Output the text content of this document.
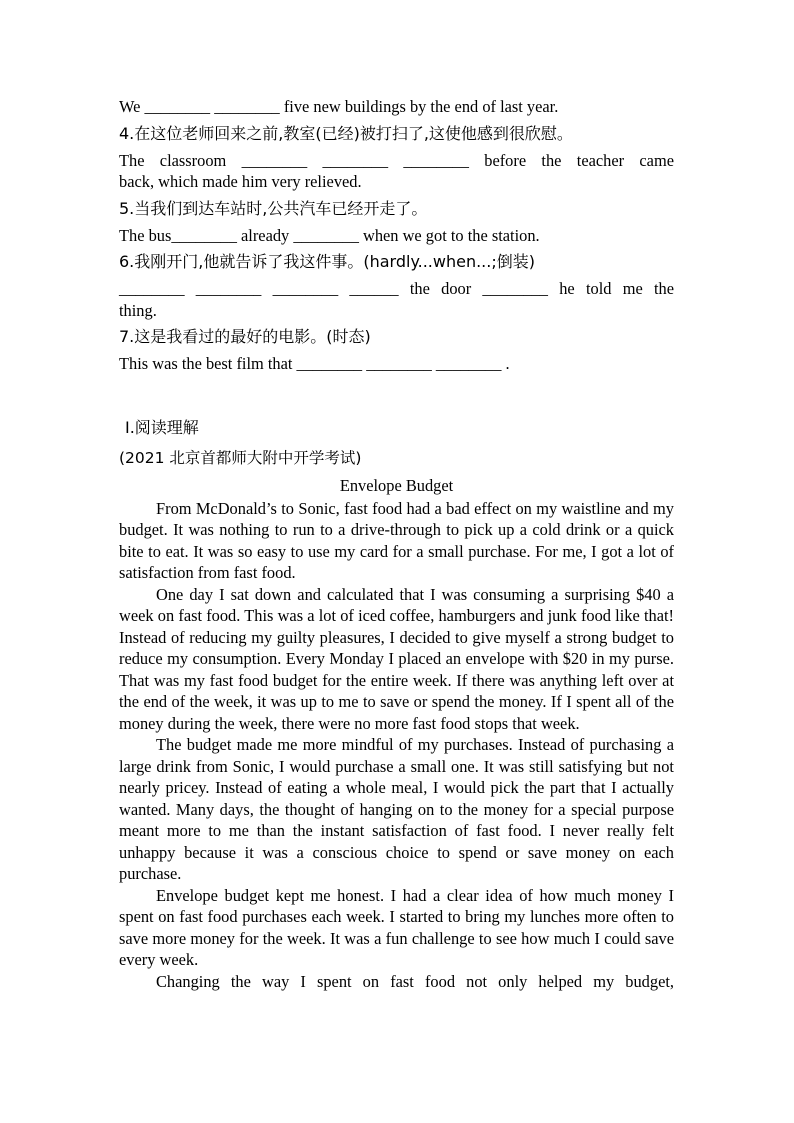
We ________ ________ five new buildings by the end of last year.
4.在这位老师回来之前,教室(已经)被打扫了,这使他感到很欣慰。
The classroom ________ ________ ________ before the teacher came
back, which made him very relieved.
5.当我们到达车站时,公共汽车已经开走了。
The bus________ already ________ when we got to the station.
6.我刚开门,他就告诉了我这件事。(hardly...when...;倒装)
________ ________ ________ ______ the door ________ he told me the
thing.
7.这是我看过的最好的电影。(时态)
This was the best film that ________ ________ ________ .
Ⅰ.阅读理解
(2021 北京首都师大附中开学考试)
Envelope Budget

From McDonald’s to Sonic, fast food had a bad effect on my waistline and my budget. It was nothing to run to a drive-through to pick up a cold drink or a quick bite to eat. It was so easy to use my card for a small purchase. For me, I got a lot of satisfaction from fast food.

One day I sat down and calculated that I was consuming a surprising $40 a week on fast food. This was a lot of iced coffee, hamburgers and junk food like that! Instead of reducing my guilty pleasures, I decided to give myself a strong budget to reduce my consumption. Every Monday I placed an envelope with $20 in my purse. That was my fast food budget for the entire week. If there was anything left over at the end of the week, it was up to me to save or spend the money. If I spent all of the money during the week, there were no more fast food stops that week.

The budget made me more mindful of my purchases. Instead of purchasing a large drink from Sonic, I would purchase a small one. It was still satisfying but not nearly pricey. Instead of eating a whole meal, I would pick the part that I actually wanted. Many days, the thought of hanging on to the money for a special purpose meant more to me than the instant satisfaction of fast food. I never really felt unhappy because it was a conscious choice to spend or save money on each purchase.

Envelope budget kept me honest. I had a clear idea of how much money I spent on fast food purchases each week. I started to bring my lunches more often to save more money for the week. It was a fun challenge to see how much I could save every week.

Changing the way I spent on fast food not only helped my budget,
